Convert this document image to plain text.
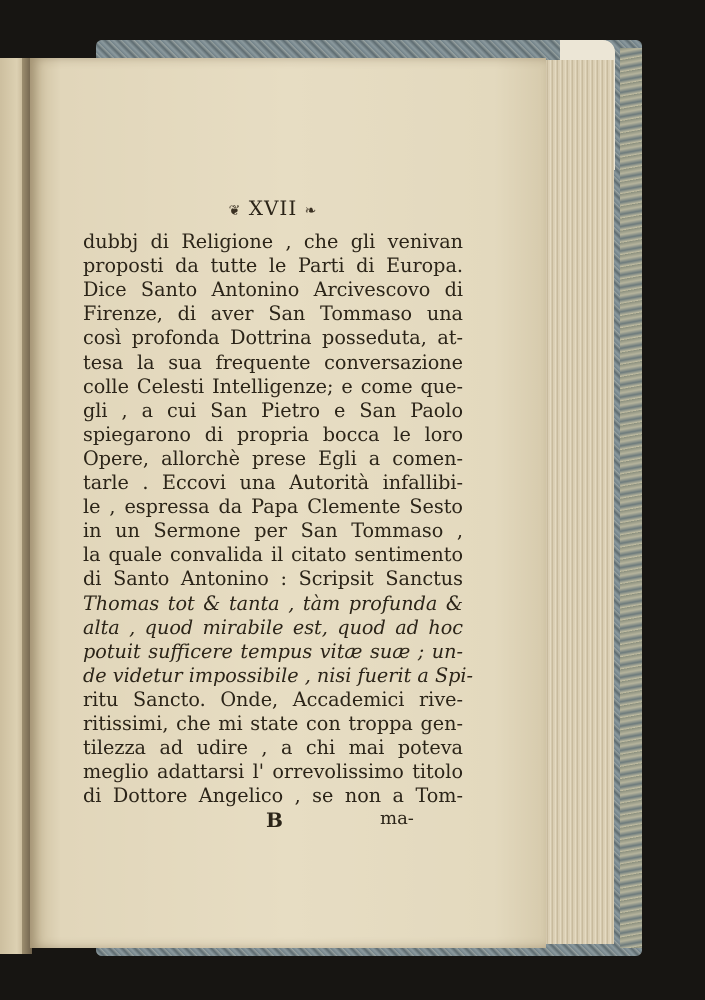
❦ XVII ❧
dubbj di Religione , che gli venivan
proposti da tutte le Parti di Europa.
Dice Santo Antonino Arcivescovo di
Firenze, di aver San Tommaso una
così profonda Dottrina posseduta, at-
tesa la sua frequente conversazione
colle Celesti Intelligenze; e come que-
gli , a cui San Pietro e San Paolo
spiegarono di propria bocca le loro
Opere, allorchè prese Egli a comen-
tarle . Eccovi una Autorità infallibi-
le , espressa da Papa Clemente Sesto
in un Sermone per San Tommaso ,
la quale convalida il citato sentimento
di Santo Antonino : Scripsit Sanctus
Thomas tot & tanta , tàm profunda &
alta , quod mirabile est, quod ad hoc
potuit sufficere tempus vitæ suæ ; un-
de videtur impossibile , nisi fuerit a Spi-
ritu Sancto. Onde, Accademici rive-
ritissimi, che mi state con troppa gen-
tilezza ad udire , a chi mai poteva
meglio adattarsi l' orrevolissimo titolo
di Dottore Angelico , se non a Tom-
B	ma-
